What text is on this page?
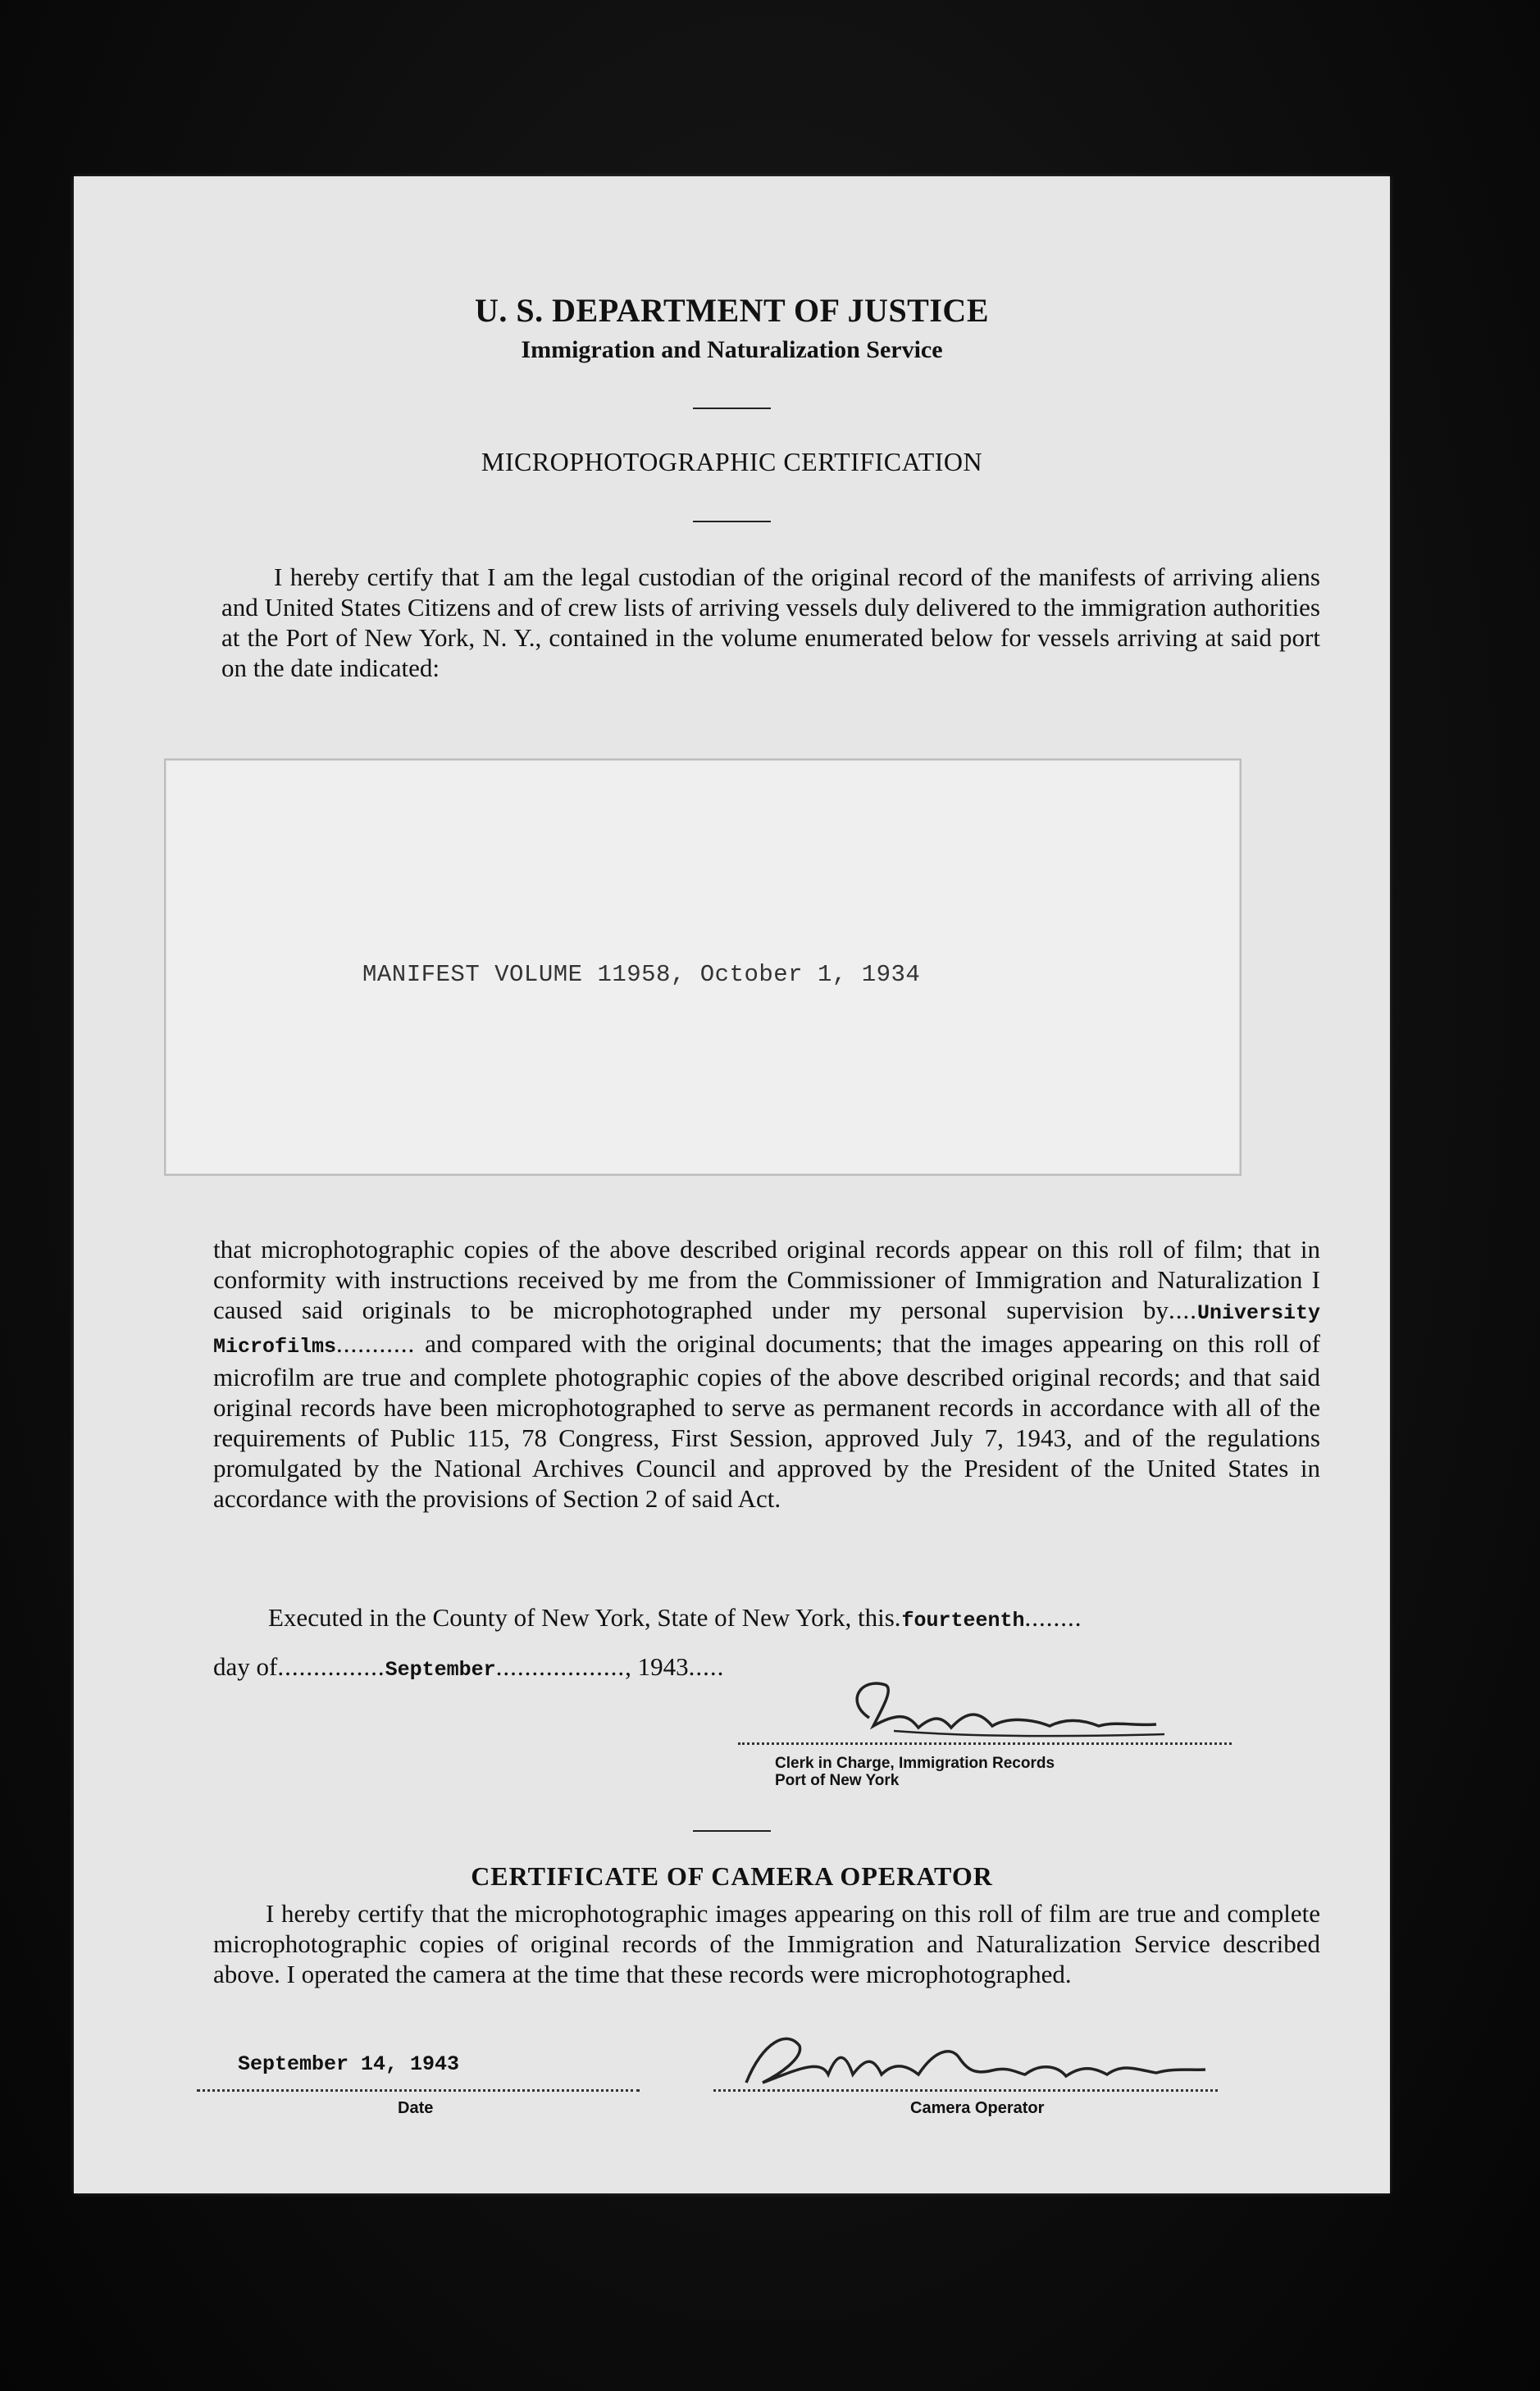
U. S. DEPARTMENT OF JUSTICE
Immigration and Naturalization Service
MICROPHOTOGRAPHIC CERTIFICATION
I hereby certify that I am the legal custodian of the original record of the manifests of arriving aliens and United States Citizens and of crew lists of arriving vessels duly delivered to the immigration authorities at the Port of New York, N. Y., contained in the volume enumerated below for vessels arriving at said port on the date indicated:
MANIFEST VOLUME 11958, October 1, 1934
that microphotographic copies of the above described original records appear on this roll of film; that in conformity with instructions received by me from the Commissioner of Immigration and Naturalization I caused said originals to be microphotographed under my personal supervision by....University Microfilms........... and compared with the original documents; that the images appearing on this roll of microfilm are true and complete photographic copies of the above described original records; and that said original records have been microphotographed to serve as permanent records in accordance with all of the requirements of Public 115, 78 Congress, First Session, approved July 7, 1943, and of the regulations promulgated by the National Archives Council and approved by the President of the United States in accordance with the provisions of Section 2 of said Act.
Executed in the County of New York, State of New York, this.fourteenth........
day of...............September.................., 1943.....
Clerk in Charge, Immigration Records
Port of New York
CERTIFICATE OF CAMERA OPERATOR
I hereby certify that the microphotographic images appearing on this roll of film are true and complete microphotographic copies of original records of the Immigration and Naturalization Service described above. I operated the camera at the time that these records were microphotographed.
September 14, 1943
Date	Camera Operator
